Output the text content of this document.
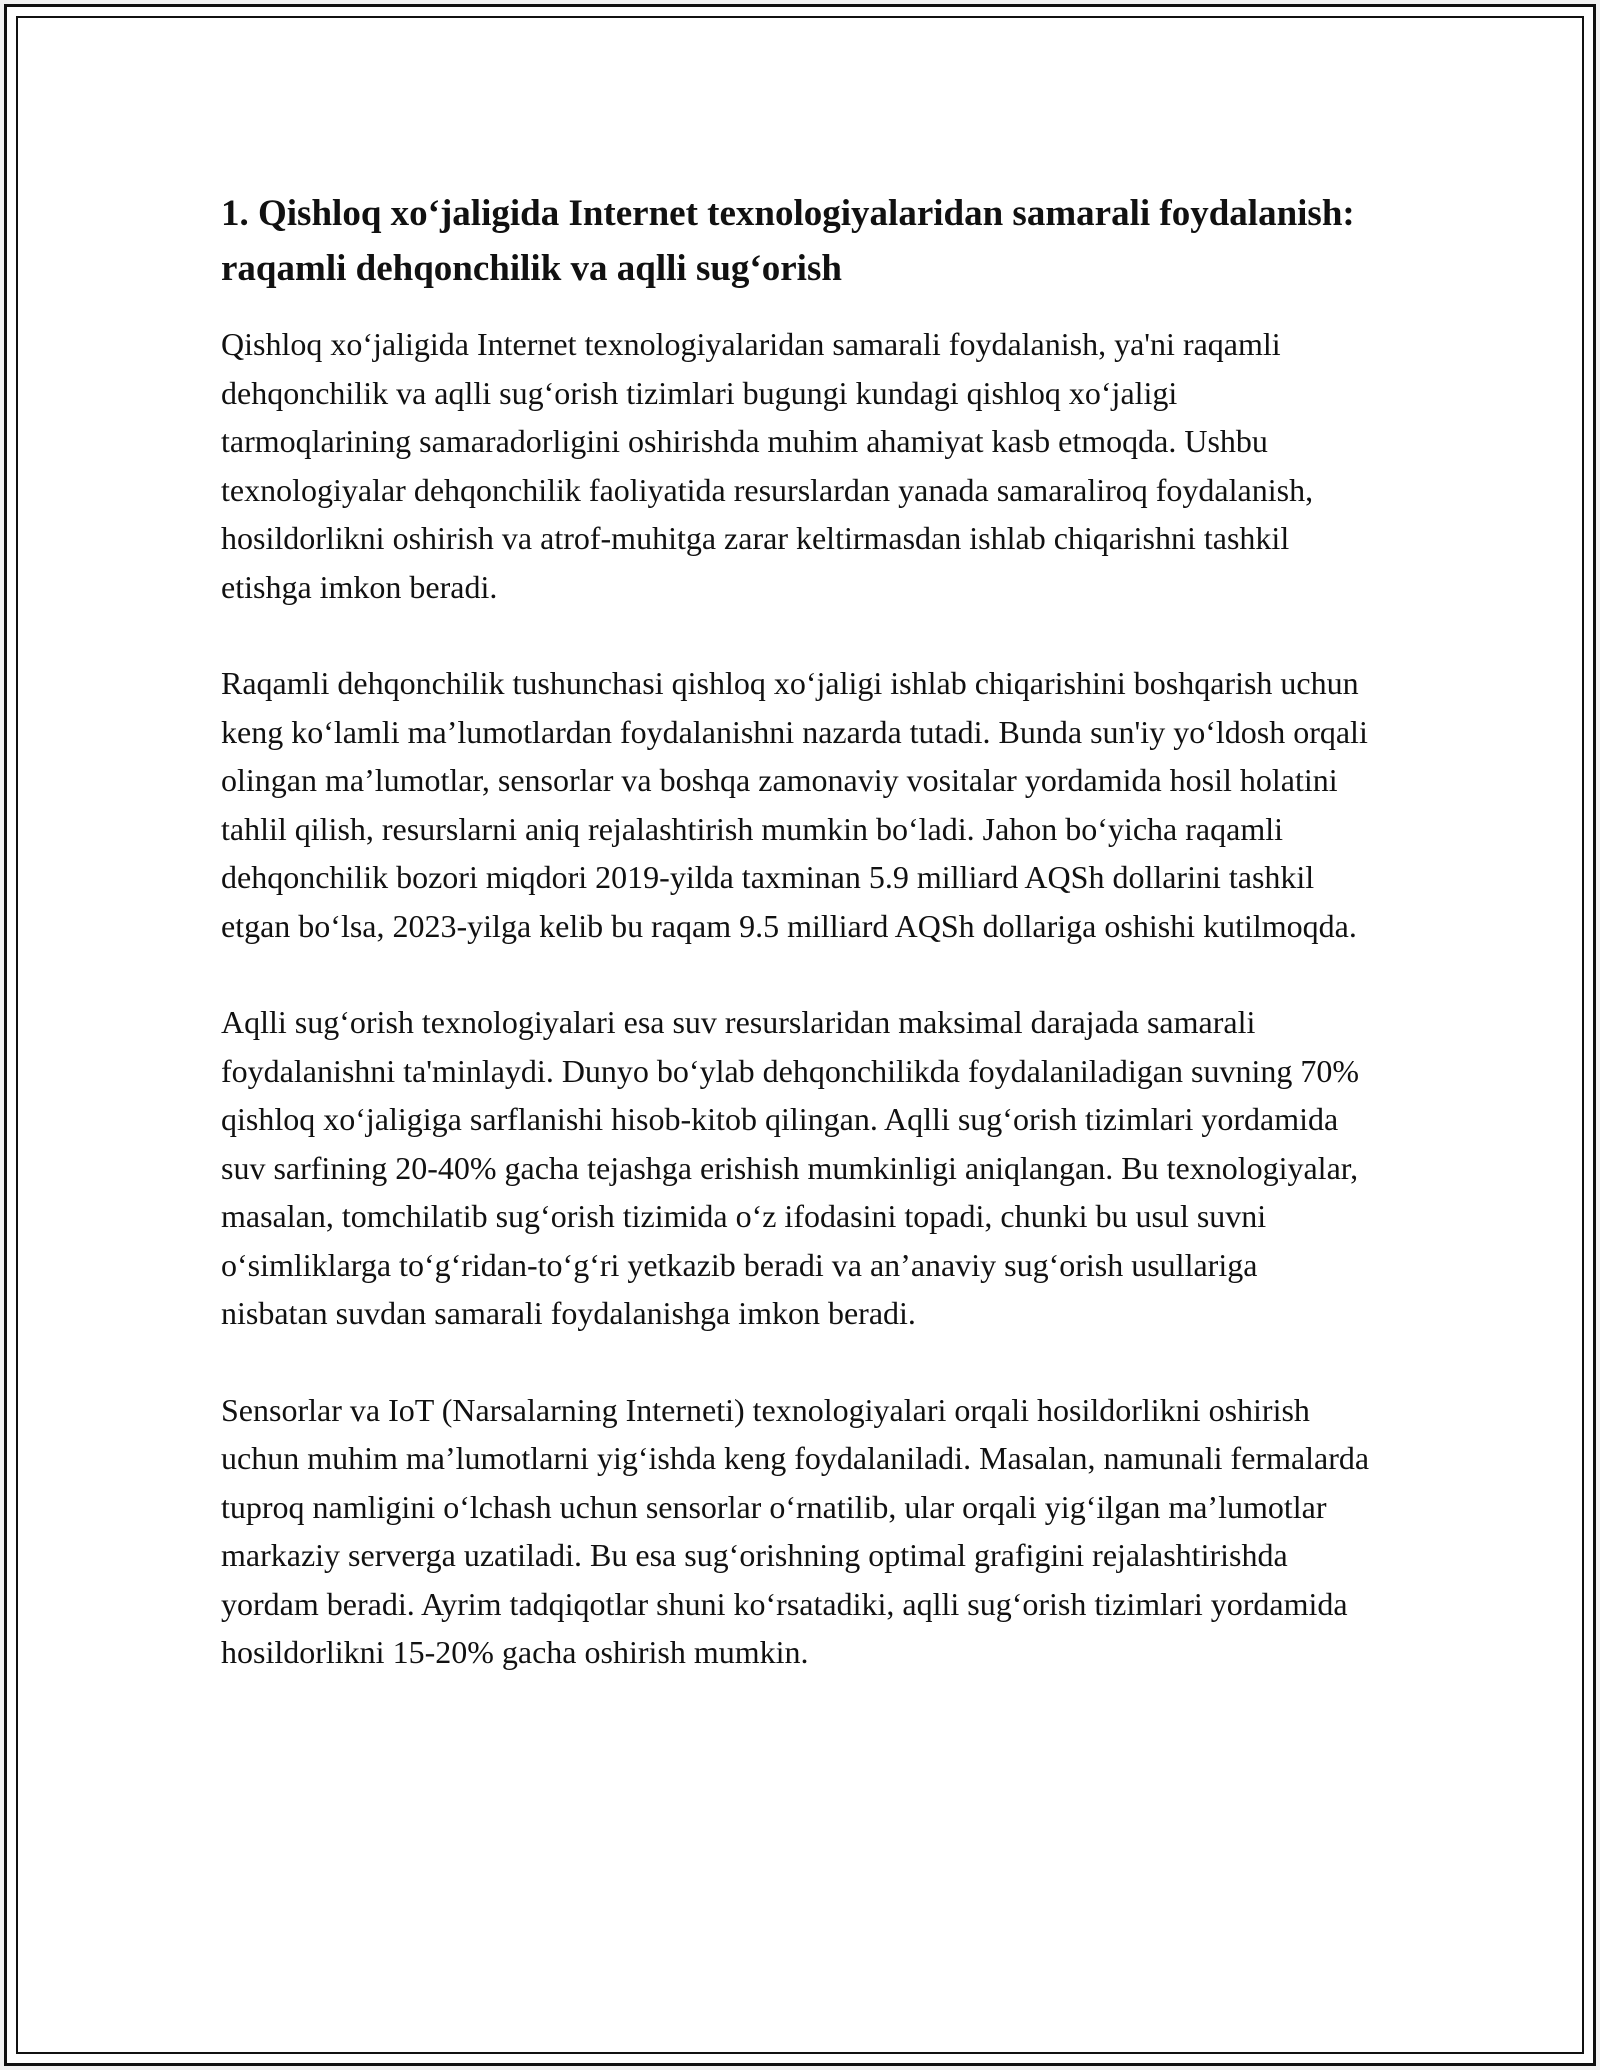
1. Qishloq xo‘jaligida Internet texnologiyalaridan samarali foydalanish: raqamli dehqonchilik va aqlli sug‘orish

Qishloq xo‘jaligida Internet texnologiyalaridan samarali foydalanish, ya'ni raqamli dehqonchilik va aqlli sug‘orish tizimlari bugungi kundagi qishloq xo‘jaligi tarmoqlarining samaradorligini oshirishda muhim ahamiyat kasb etmoqda. Ushbu texnologiyalar dehqonchilik faoliyatida resurslardan yanada samaraliroq foydalanish, hosildorlikni oshirish va atrof-muhitga zarar keltirmasdan ishlab chiqarishni tashkil etishga imkon beradi.

Raqamli dehqonchilik tushunchasi qishloq xo‘jaligi ishlab chiqarishini boshqarish uchun keng ko‘lamli ma’lumotlardan foydalanishni nazarda tutadi. Bunda sun'iy yo‘ldosh orqali olingan ma’lumotlar, sensorlar va boshqa zamonaviy vositalar yordamida hosil holatini tahlil qilish, resurslarni aniq rejalashtirish mumkin bo‘ladi. Jahon bo‘yicha raqamli dehqonchilik bozori miqdori 2019-yilda taxminan 5.9 milliard AQSh dollarini tashkil etgan bo‘lsa, 2023-yilga kelib bu raqam 9.5 milliard AQSh dollariga oshishi kutilmoqda.

Aqlli sug‘orish texnologiyalari esa suv resurslaridan maksimal darajada samarali foydalanishni ta'minlaydi. Dunyo bo‘ylab dehqonchilikda foydalaniladigan suvning 70% qishloq xo‘jaligiga sarflanishi hisob-kitob qilingan. Aqlli sug‘orish tizimlari yordamida suv sarfining 20-40% gacha tejashga erishish mumkinligi aniqlangan. Bu texnologiyalar, masalan, tomchilatib sug‘orish tizimida o‘z ifodasini topadi, chunki bu usul suvni o‘simliklarga to‘g‘ridan-to‘g‘ri yetkazib beradi va an’anaviy sug‘orish usullariga nisbatan suvdan samarali foydalanishga imkon beradi.

Sensorlar va IoT (Narsalarning Interneti) texnologiyalari orqali hosildorlikni oshirish uchun muhim ma’lumotlarni yig‘ishda keng foydalaniladi. Masalan, namunali fermalarda tuproq namligini o‘lchash uchun sensorlar o‘rnatilib, ular orqali yig‘ilgan ma’lumotlar markaziy serverga uzatiladi. Bu esa sug‘orishning optimal grafigini rejalashtirishda yordam beradi. Ayrim tadqiqotlar shuni ko‘rsatadiki, aqlli sug‘orish tizimlari yordamida hosildorlikni 15-20% gacha oshirish mumkin.
